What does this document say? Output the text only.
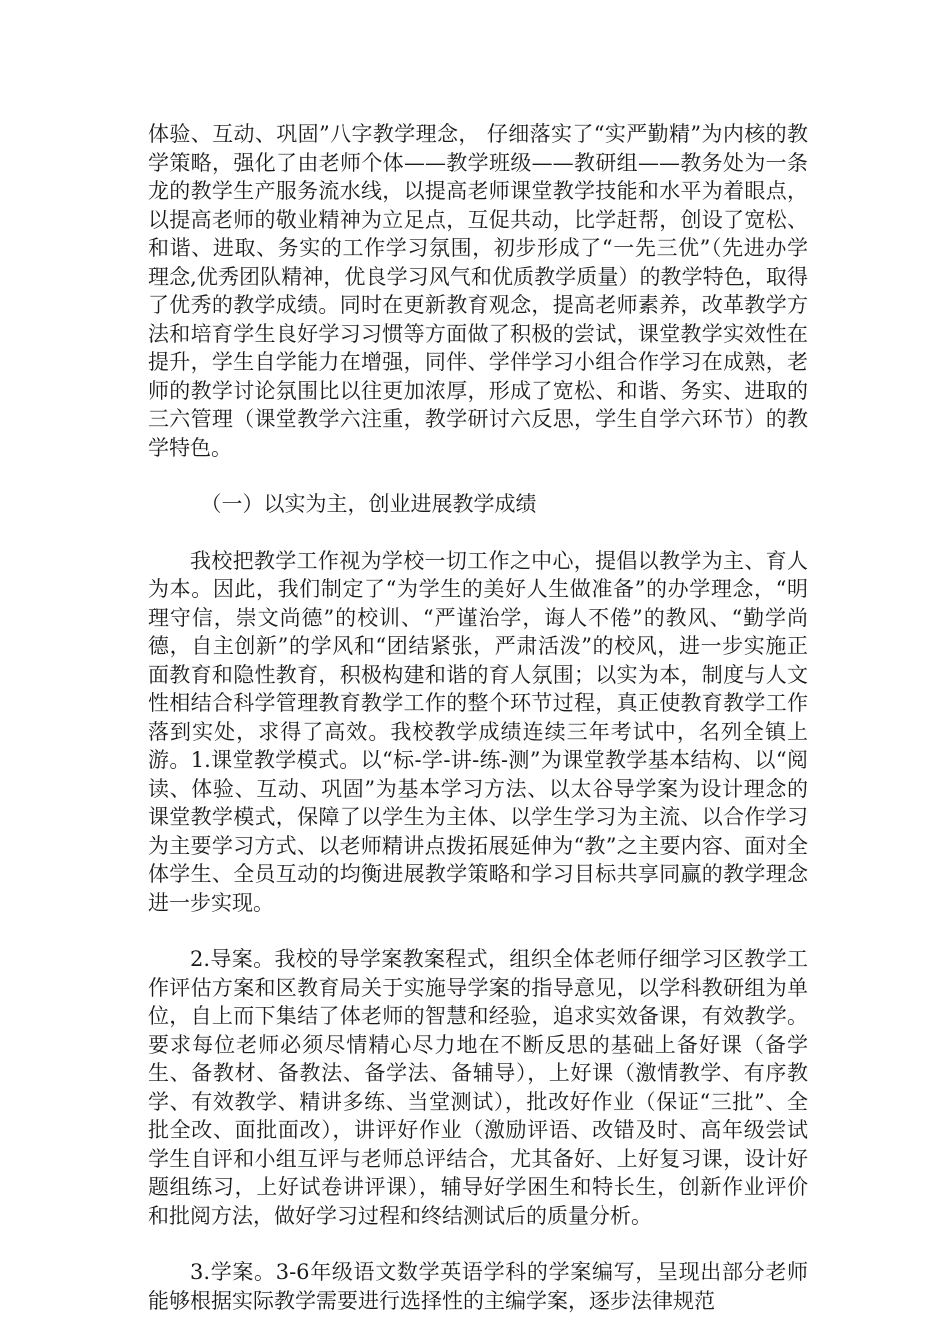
体验、互动、巩固”八字教学理念， 仔细落实了“实严勤精”为内核的教学策略，强化了由老师个体——教学班级——教研组——教务处为一条龙的教学生产服务流水线，以提高老师课堂教学技能和水平为着眼点，以提高老师的敬业精神为立足点，互促共动，比学赶帮，创设了宽松、和谐、进取、务实的工作学习氛围，初步形成了“一先三优”（先进办学理念,优秀团队精神，优良学习风气和优质教学质量）的教学特色，取得了优秀的教学成绩。同时在更新教育观念，提高老师素养，改革教学方法和培育学生良好学习习惯等方面做了积极的尝试，课堂教学实效性在提升，学生自学能力在增强，同伴、学伴学习小组合作学习在成熟，老师的教学讨论氛围比以往更加浓厚，形成了宽松、和谐、务实、进取的三六管理（课堂教学六注重，教学研讨六反思，学生自学六环节）的教学特色。

（一）以实为主，创业进展教学成绩

我校把教学工作视为学校一切工作之中心，提倡以教学为主、育人为本。因此，我们制定了“为学生的美好人生做准备”的办学理念，“明理守信，崇文尚德”的校训、“严谨治学，诲人不倦”的教风、“勤学尚德，自主创新”的学风和“团结紧张，严肃活泼”的校风，进一步实施正面教育和隐性教育，积极构建和谐的育人氛围；以实为本，制度与人文性相结合科学管理教育教学工作的整个环节过程，真正使教育教学工作落到实处，求得了高效。我校教学成绩连续三年考试中，名列全镇上游。1.课堂教学模式。以“标-学-讲-练-测”为课堂教学基本结构、以“阅读、体验、互动、巩固”为基本学习方法、以太谷导学案为设计理念的课堂教学模式，保障了以学生为主体、以学生学习为主流、以合作学习为主要学习方式、以老师精讲点拨拓展延伸为“教”之主要内容、面对全体学生、全员互动的均衡进展教学策略和学习目标共享同赢的教学理念进一步实现。

2.导案。我校的导学案教案程式，组织全体老师仔细学习区教学工作评估方案和区教育局关于实施导学案的指导意见，以学科教研组为单位，自上而下集结了体老师的智慧和经验，追求实效备课，有效教学。要求每位老师必须尽情精心尽力地在不断反思的基础上备好课（备学生、备教材、备教法、备学法、备辅导），上好课（激情教学、有序教学、有效教学、精讲多练、当堂测试），批改好作业（保证“三批”、全批全改、面批面改），讲评好作业（激励评语、改错及时、高年级尝试学生自评和小组互评与老师总评结合，尤其备好、上好复习课，设计好题组练习，上好试卷讲评课），辅导好学困生和特长生，创新作业评价和批阅方法，做好学习过程和终结测试后的质量分析。

3.学案。3-6年级语文数学英语学科的学案编写，呈现出部分老师能够根据实际教学需要进行选择性的主编学案，逐步法律规范
